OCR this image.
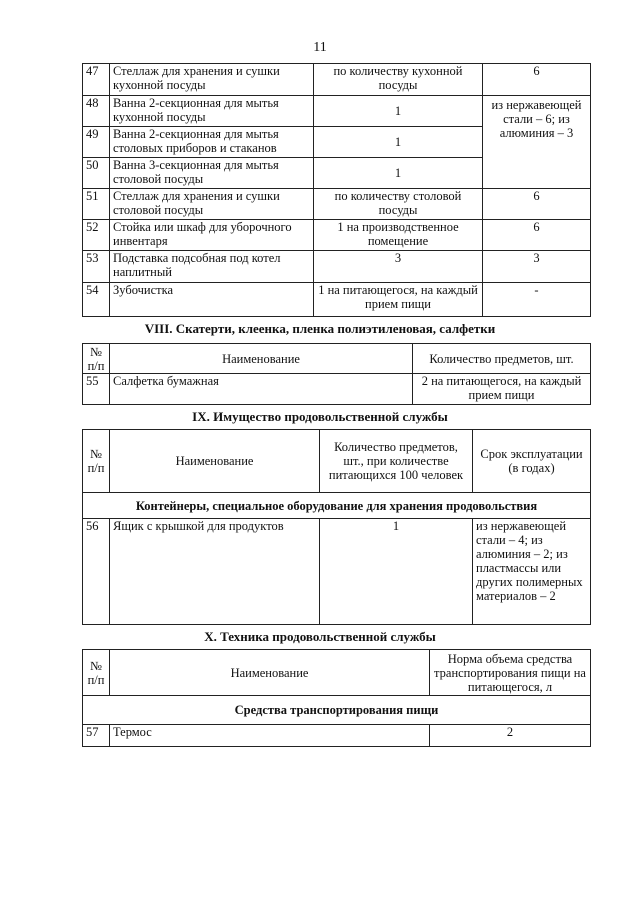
11
47	Стеллаж для хранения и сушки кухонной посуды	по количеству кухонной посуды	6
48	Ванна 2-секционная для мытья кухонной посуды	1	из нержавеющей стали – 6; из алюминия – 3
49	Ванна 2-секционная для мытья столовых приборов и стаканов	1	
50	Ванна 3-секционная для мытья столовой посуды	1	
51	Стеллаж для хранения и сушки столовой посуды	по количеству столовой посуды	6
52	Стойка или шкаф для уборочного инвентаря	1 на производственное помещение	6
53	Подставка подсобная под котел наплитный	3	3
54	Зубочистка	1 на питающегося, на каждый прием пищи	-
VIII. Скатерти, клеенка, пленка полиэтиленовая, салфетки
№ п/п	Наименование	Количество предметов, шт.
55	Салфетка бумажная	2 на питающегося, на каждый прием пищи
IX. Имущество продовольственной службы
№ п/п	Наименование	Количество предметов, шт., при количестве питающихся 100 человек	Срок эксплуатации (в годах)
Контейнеры, специальное оборудование для хранения продовольствия			
56	Ящик с крышкой для продуктов	1	из нержавеющей стали – 4; из алюминия – 2; из пластмассы или других полимерных материалов – 2
X. Техника продовольственной службы
№ п/п	Наименование	Норма объема средства транспортирования пищи на питающегося, л
Средства транспортирования пищи		
57	Термос	2
